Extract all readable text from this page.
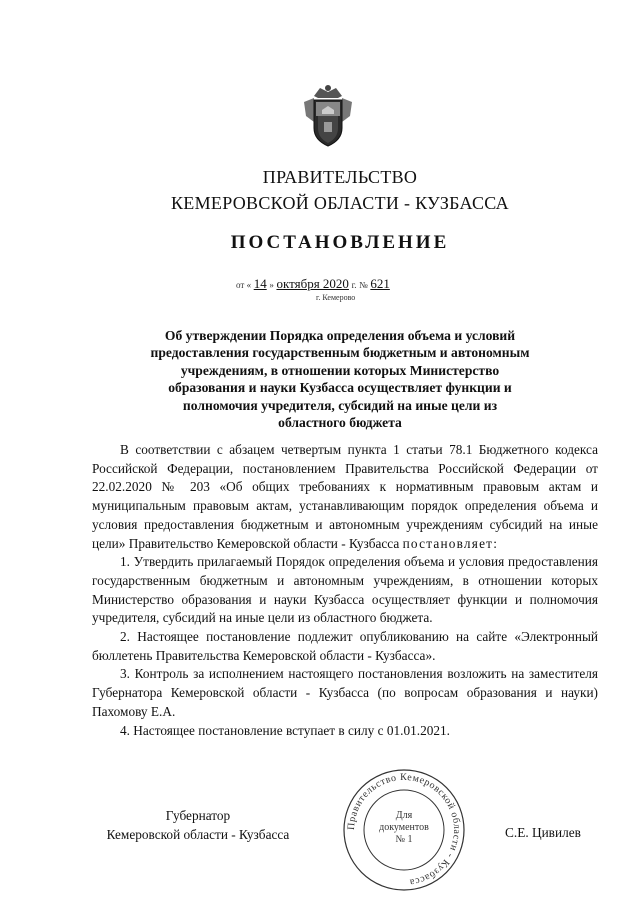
ПРАВИТЕЛЬСТВО
КЕМЕРОВСКОЙ ОБЛАСТИ - КУЗБАССА
ПОСТАНОВЛЕНИЕ
от « 14 » октября 2020 г. № 621
г. Кемерово
Об утверждении Порядка определения объема и условий предоставления государственным бюджетным и автономным учреждениям, в отношении которых Министерство образования и науки Кузбасса осуществляет функции и полномочия учредителя, субсидий на иные цели из областного бюджета

В соответствии с абзацем четвертым пункта 1 статьи 78.1 Бюджетного кодекса Российской Федерации, постановлением Правительства Российской Федерации от 22.02.2020 № 203 «Об общих требованиях к нормативным правовым актам и муниципальным правовым актам, устанавливающим порядок определения объема и условия предоставления бюджетным и автономным учреждениям субсидий на иные цели» Правительство Кемеровской области - Кузбасса постановляет:

1. Утвердить прилагаемый Порядок определения объема и условия предоставления государственным бюджетным и автономным учреждениям, в отношении которых Министерство образования и науки Кузбасса осуществляет функции и полномочия учредителя, субсидий на иные цели из областного бюджета.

2. Настоящее постановление подлежит опубликованию на сайте «Электронный бюллетень Правительства Кемеровской области - Кузбасса».

3. Контроль за исполнением настоящего постановления возложить на заместителя Губернатора Кемеровской области - Кузбасса (по вопросам образования и науки) Пахомову Е.А.

4. Настоящее постановление вступает в силу с 01.01.2021.

Губернатор
Кемеровской области - Кузбасса
Правительство Кемеровской области - Кузбасса
Для
документов
№ 1	С.Е. Цивилев
